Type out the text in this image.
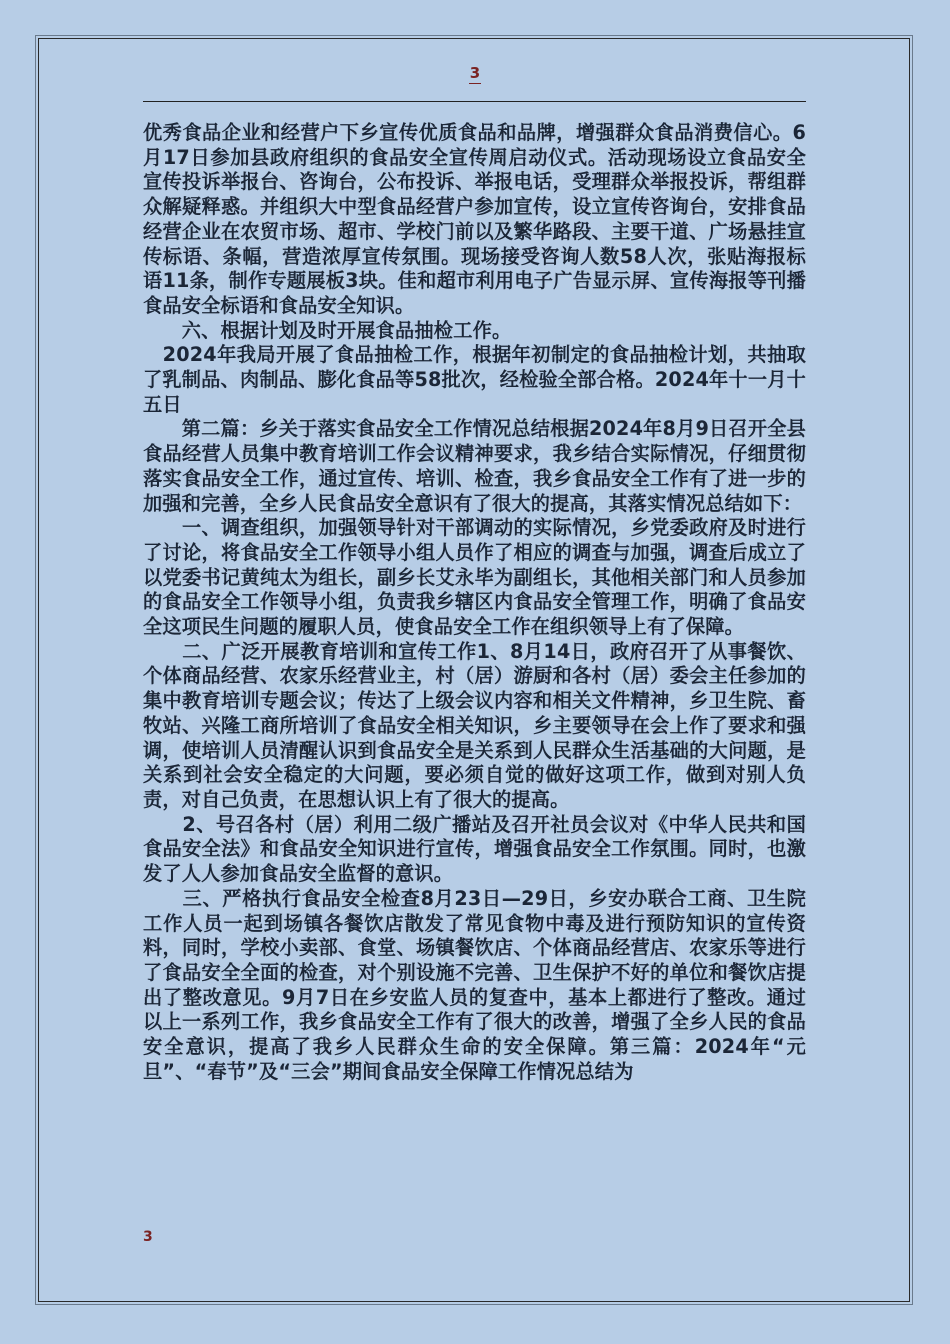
3

优秀食品企业和经营户下乡宣传优质食品和品牌，增强群众食品消费信心。6月17日参加县政府组织的食品安全宣传周启动仪式。活动现场设立食品安全宣传投诉举报台、咨询台，公布投诉、举报电话，受理群众举报投诉，帮组群众解疑释惑。并组织大中型食品经营户参加宣传，设立宣传咨询台，安排食品经营企业在农贸市场、超市、学校门前以及繁华路段、主要干道、广场悬挂宣传标语、条幅，营造浓厚宣传氛围。现场接受咨询人数58人次，张贴海报标语11条，制作专题展板3块。佳和超市利用电子广告显示屏、宣传海报等刊播食品安全标语和食品安全知识。

　　六、根据计划及时开展食品抽检工作。

　2024年我局开展了食品抽检工作，根据年初制定的食品抽检计划，共抽取了乳制品、肉制品、膨化食品等58批次，经检验全部合格。2024年十一月十五日

　　第二篇：乡关于落实食品安全工作情况总结根据2024年8月9日召开全县食品经营人员集中教育培训工作会议精神要求，我乡结合实际情况，仔细贯彻落实食品安全工作，通过宣传、培训、检查，我乡食品安全工作有了进一步的加强和完善，全乡人民食品安全意识有了很大的提高，其落实情况总结如下：

　　一、调查组织，加强领导针对干部调动的实际情况，乡党委政府及时进行了讨论，将食品安全工作领导小组人员作了相应的调查与加强，调查后成立了以党委书记黄纯太为组长，副乡长艾永毕为副组长，其他相关部门和人员参加的食品安全工作领导小组，负责我乡辖区内食品安全管理工作，明确了食品安全这项民生问题的履职人员，使食品安全工作在组织领导上有了保障。

　　二、广泛开展教育培训和宣传工作1、8月14日，政府召开了从事餐饮、个体商品经营、农家乐经营业主，村（居）游厨和各村（居）委会主任参加的集中教育培训专题会议；传达了上级会议内容和相关文件精神，乡卫生院、畜牧站、兴隆工商所培训了食品安全相关知识，乡主要领导在会上作了要求和强调，使培训人员清醒认识到食品安全是关系到人民群众生活基础的大问题，是关系到社会安全稳定的大问题，要必须自觉的做好这项工作，做到对别人负责，对自己负责，在思想认识上有了很大的提高。

　　2、号召各村（居）利用二级广播站及召开社员会议对《中华人民共和国食品安全法》和食品安全知识进行宣传，增强食品安全工作氛围。同时，也激发了人人参加食品安全监督的意识。

　　三、严格执行食品安全检查8月23日—29日，乡安办联合工商、卫生院工作人员一起到场镇各餐饮店散发了常见食物中毒及进行预防知识的宣传资料，同时，学校小卖部、食堂、场镇餐饮店、个体商品经营店、农家乐等进行了食品安全全面的检查，对个别设施不完善、卫生保护不好的单位和餐饮店提出了整改意见。9月7日在乡安监人员的复查中，基本上都进行了整改。通过以上一系列工作，我乡食品安全工作有了很大的改善，增强了全乡人民的食品安全意识，提高了我乡人民群众生命的安全保障。第三篇：2024年“元旦”、“春节”及“三会”期间食品安全保障工作情况总结为

3
